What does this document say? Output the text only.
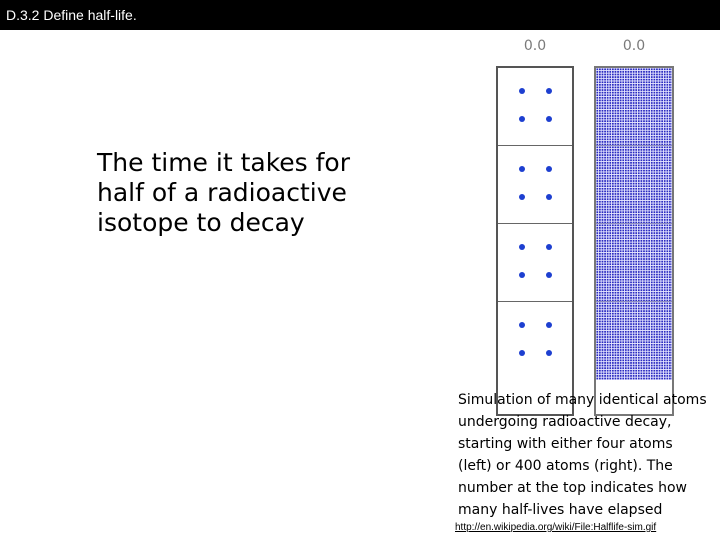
D.3.2 Define half-life.
The time it takes for half of a radioactive isotope to decay
0.0	0.0
Simulation of many identical atoms undergoing radioactive decay, starting with either four atoms (left) or 400 atoms (right). The number at the top indicates how many half-lives have elapsed
http://en.wikipedia.org/wiki/File:Halflife-sim.gif
